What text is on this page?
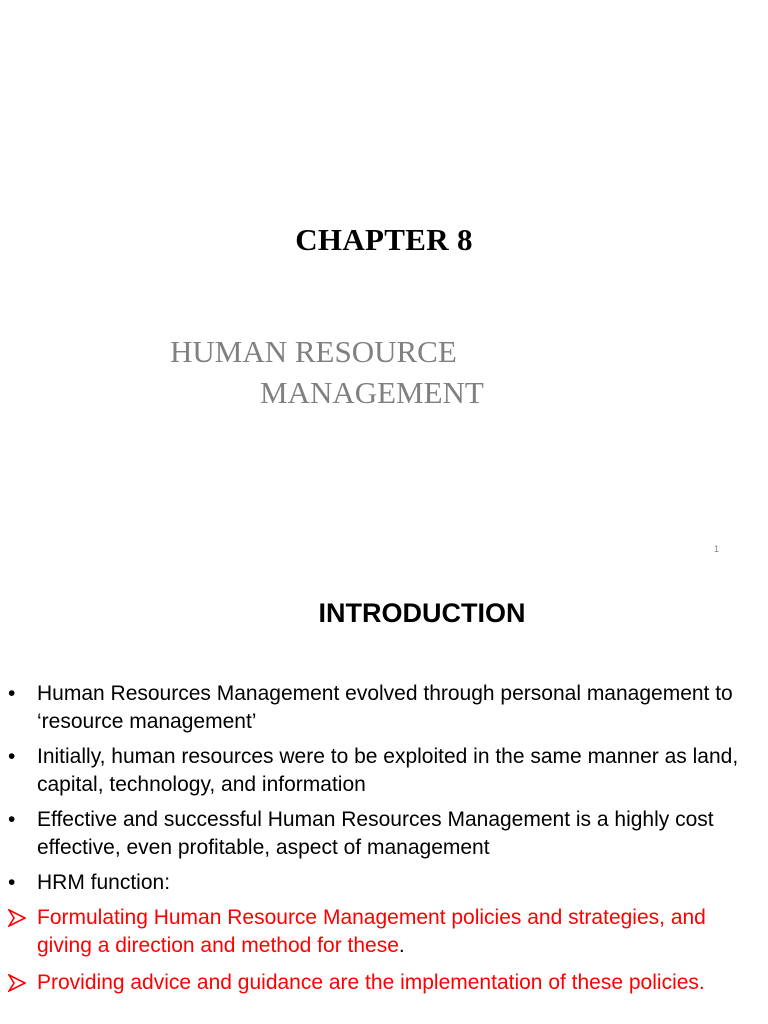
CHAPTER 8
HUMAN RESOURCE
MANAGEMENT
1
INTRODUCTION
• Human Resources Management evolved through personal management to ‘resource management’
• Initially, human resources were to be exploited in the same manner as land, capital, technology, and information
• Effective and successful Human Resources Management is a highly cost effective, even profitable, aspect of management
• HRM function:
Formulating Human Resource Management policies and strategies, and giving a direction and method for these.
Providing advice and guidance are the implementation of these policies.
